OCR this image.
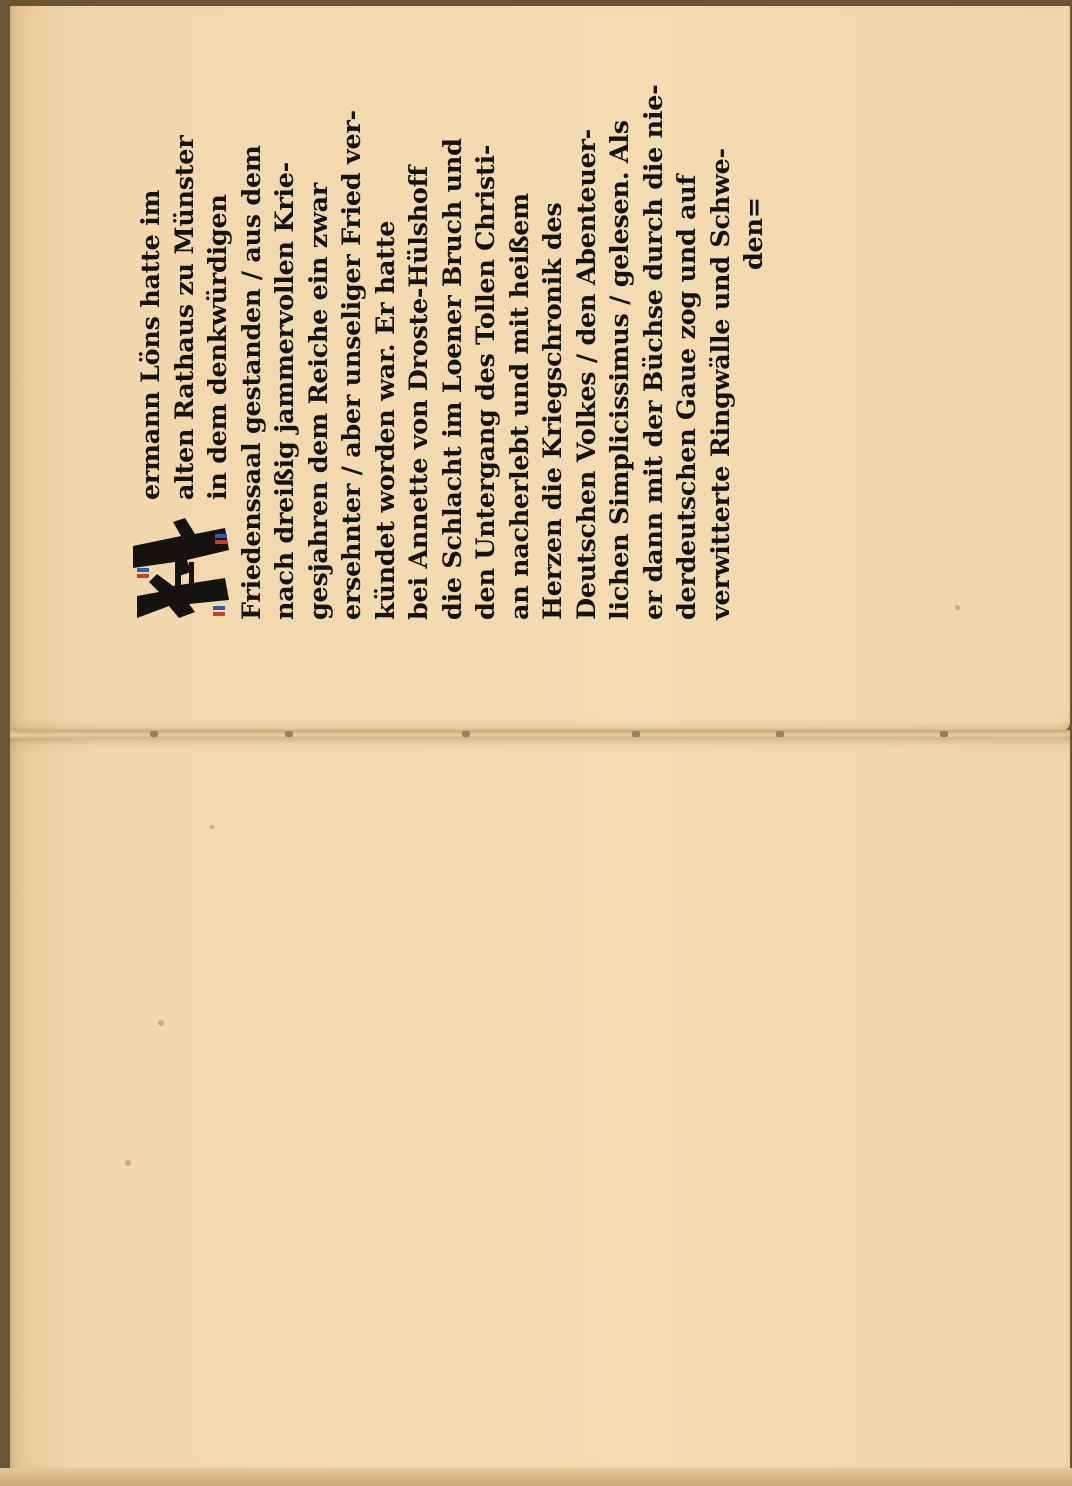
H
ermann Löns hatte im alten Rathaus zu Münster in dem denkwürdigen Friedenssaal gestanden / aus dem nach dreißig jammervollen Krie- gesjahren dem Reiche ein zwar ersehnter / aber unseliger Fried ver- kündet worden war. Er hatte bei Annette von Droste-Hülshoff die Schlacht im Loener Bruch und den Untergang des Tollen Christi- an nacherlebt und mit heißem Herzen die Kriegschronik des Deutschen Volkes / den Abenteuer- lichen Simplicissimus / gelesen. Als er dann mit der Büchse durch die nie- derdeutschen Gaue zog und auf verwitterte Ringwälle und Schwe- den=
